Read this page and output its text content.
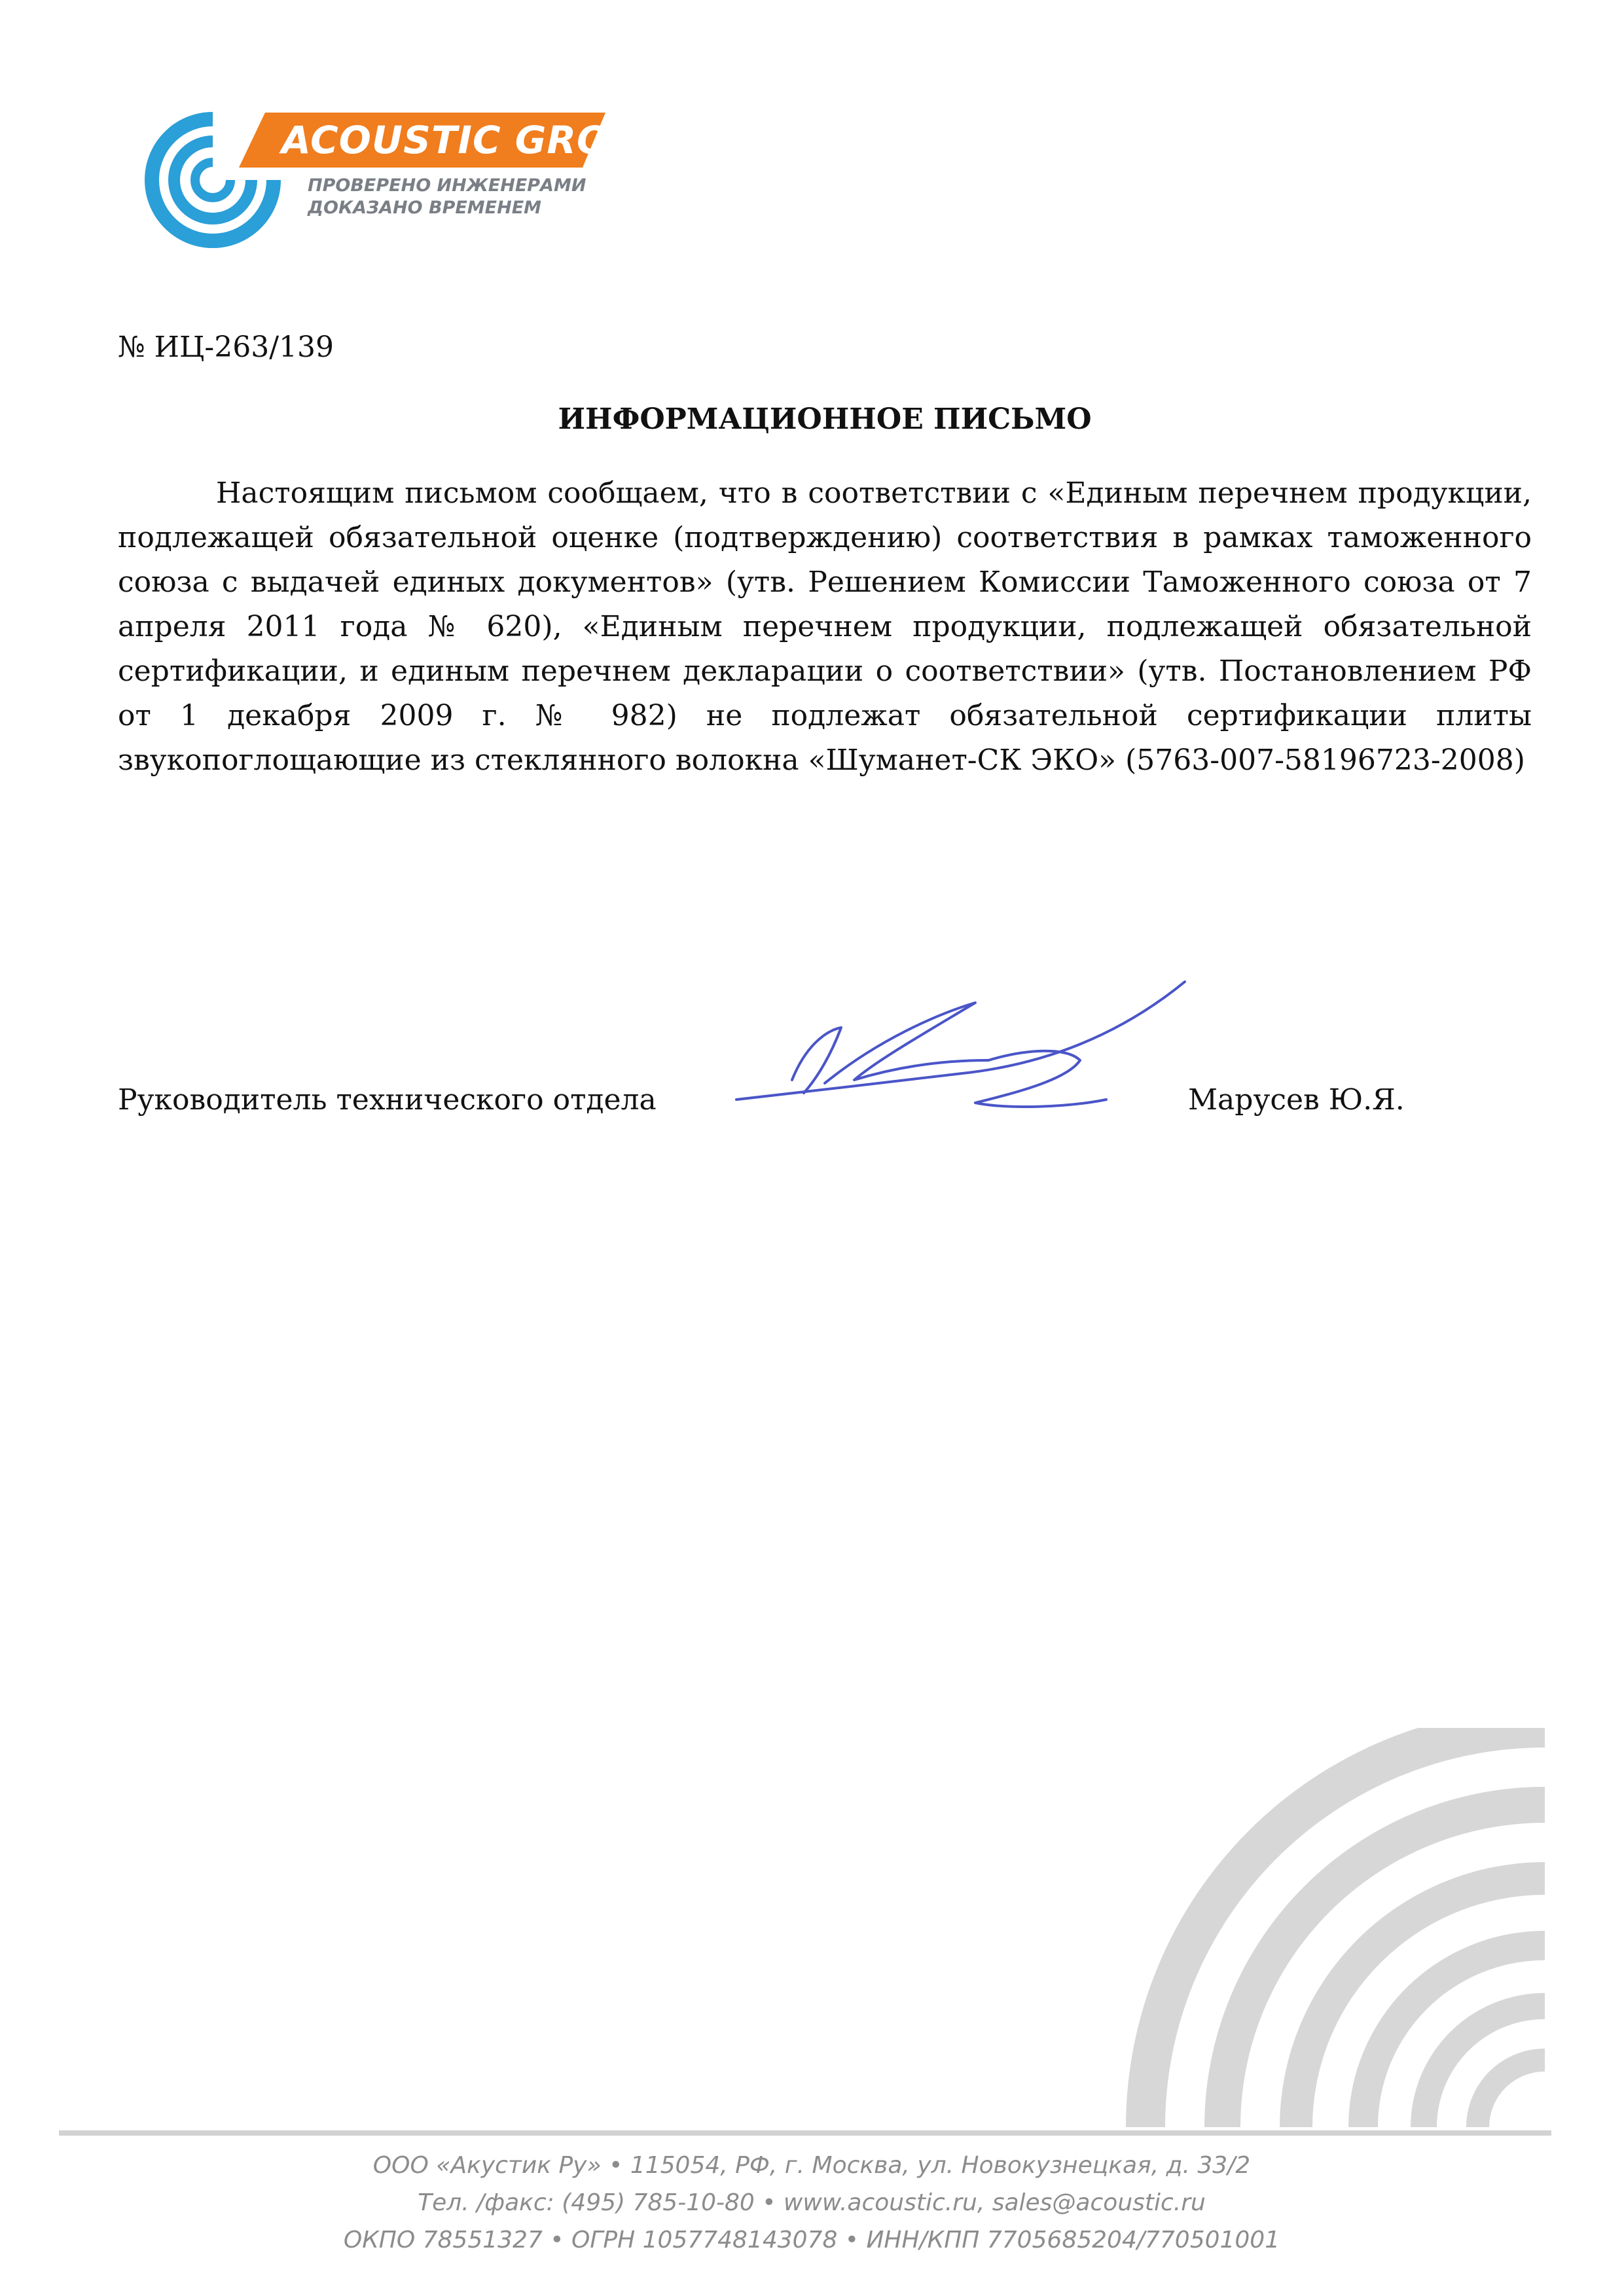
ACOUSTIC GROUP
ПРОВЕРЕНО ИНЖЕНЕРАМИ
ДОКАЗАНО ВРЕМЕНЕМ
№ ИЦ-263/139
ИНФОРМАЦИОННОЕ ПИСЬМО

Настоящим письмом сообщаем, что в соответствии с «Единым перечнем продукции, подлежащей обязательной оценке (подтверждению) соответствия в рамках таможенного союза с выдачей единых документов» (утв. Решением Комиссии Таможенного союза от 7 апреля 2011 года № 620), «Единым перечнем продукции, подлежащей обязательной сертификации, и единым перечнем декларации о соответствии» (утв. Постановлением РФ от 1 декабря 2009 г. № 982) не подлежат обязательной сертификации плиты звукопоглощающие из стеклянного волокна «Шуманет-СК ЭКО» (5763-007-58196723-2008)

Руководитель технического отдела	Марусев Ю.Я.
ООО «Акустик Ру» • 115054, РФ, г. Москва, ул. Новокузнецкая, д. 33/2
Тел. /факс: (495) 785-10-80 • www.acoustic.ru, sales@acoustic.ru
ОКПО 78551327 • ОГРН 1057748143078 • ИНН/КПП 7705685204/770501001
